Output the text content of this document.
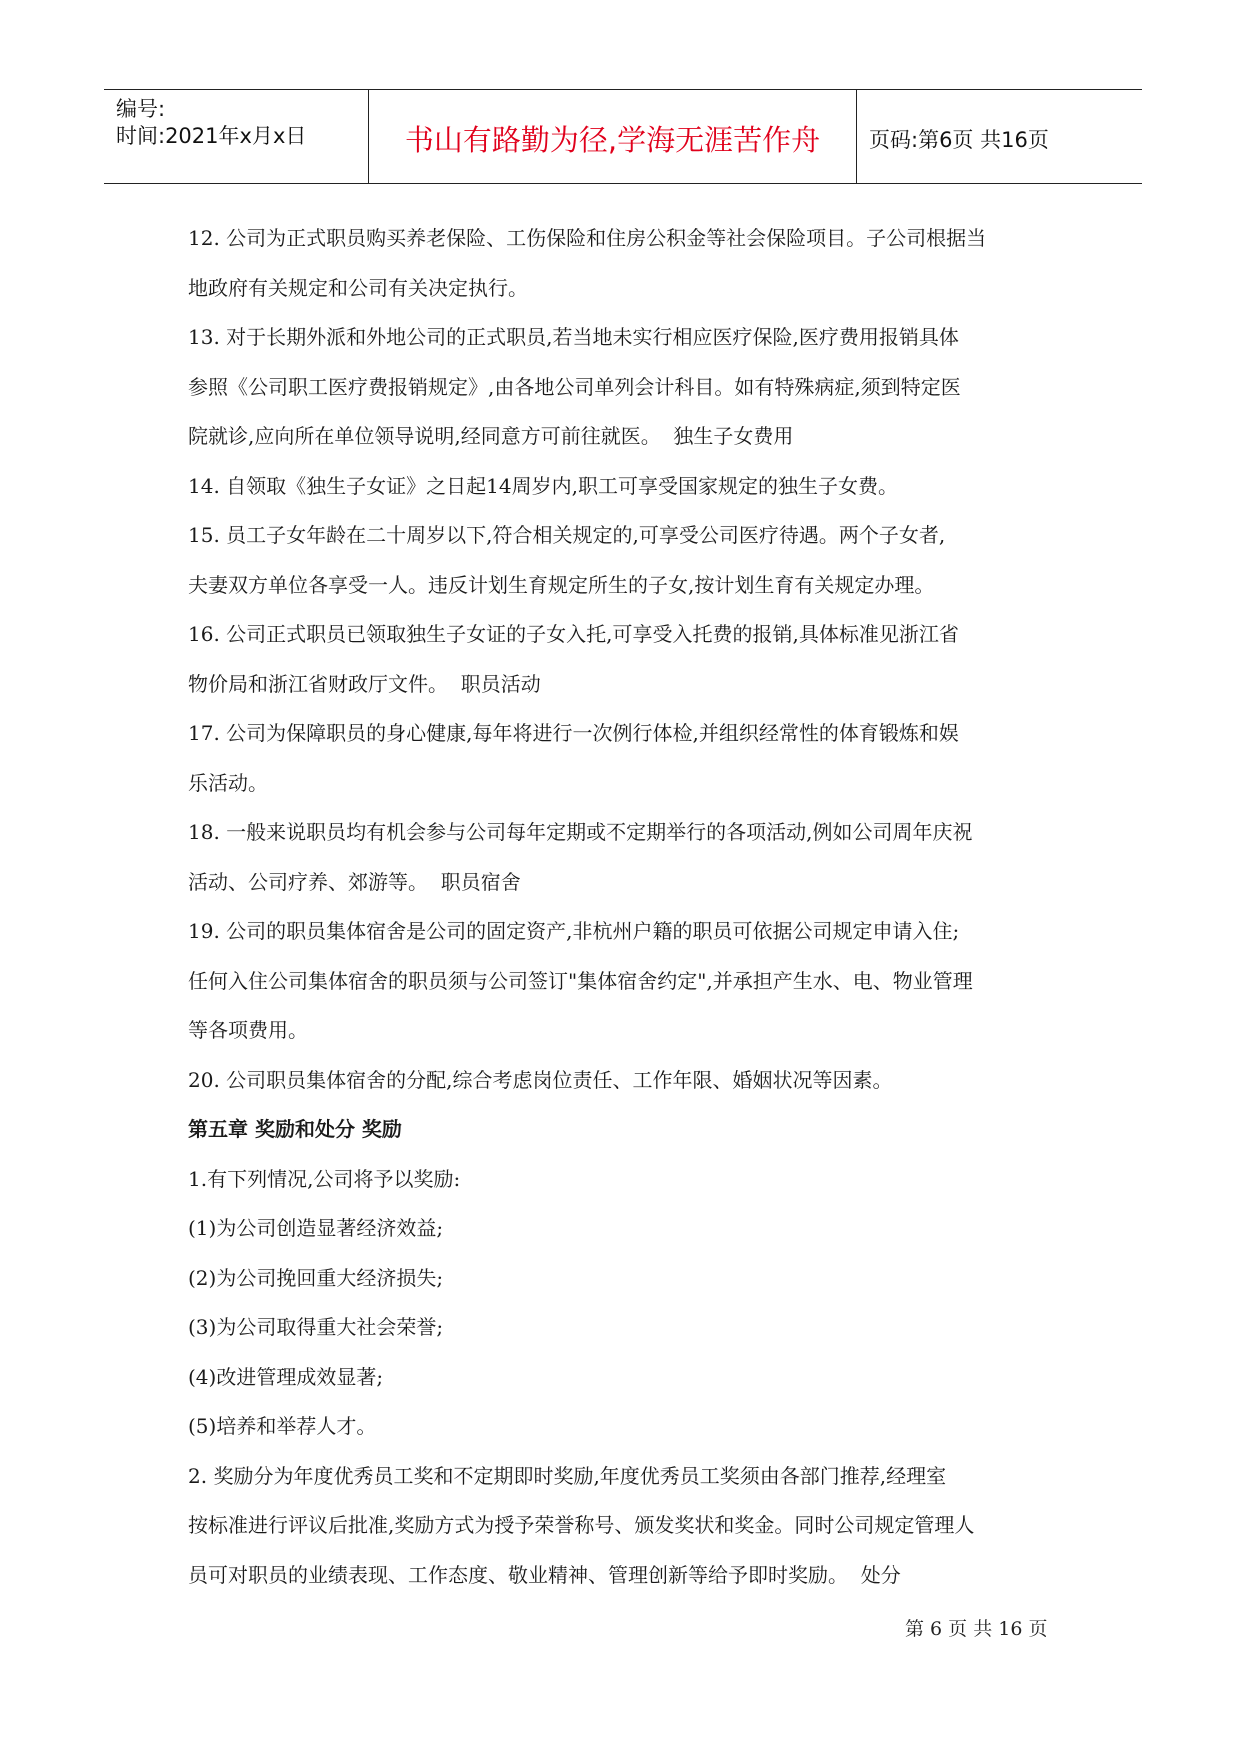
编号:
时间:2021年x月x日	书山有路勤为径,学海无涯苦作舟	页码:第6页 共16页

12. 公司为正式职员购买养老保险、工伤保险和住房公积金等社会保险项目。子公司根据当

地政府有关规定和公司有关决定执行。

13. 对于长期外派和外地公司的正式职员,若当地未实行相应医疗保险,医疗费用报销具体

参照《公司职工医疗费报销规定》,由各地公司单列会计科目。如有特殊病症,须到特定医

院就诊,应向所在单位领导说明,经同意方可前往就医。  独生子女费用

14. 自领取《独生子女证》之日起14周岁内,职工可享受国家规定的独生子女费。

15. 员工子女年龄在二十周岁以下,符合相关规定的,可享受公司医疗待遇。两个子女者,

夫妻双方单位各享受一人。违反计划生育规定所生的子女,按计划生育有关规定办理。

16. 公司正式职员已领取独生子女证的子女入托,可享受入托费的报销,具体标准见浙江省

物价局和浙江省财政厅文件。  职员活动

17. 公司为保障职员的身心健康,每年将进行一次例行体检,并组织经常性的体育锻炼和娱

乐活动。

18. 一般来说职员均有机会参与公司每年定期或不定期举行的各项活动,例如公司周年庆祝

活动、公司疗养、郊游等。  职员宿舍

19. 公司的职员集体宿舍是公司的固定资产,非杭州户籍的职员可依据公司规定申请入住;

任何入住公司集体宿舍的职员须与公司签订"集体宿舍约定",并承担产生水、电、物业管理

等各项费用。

20. 公司职员集体宿舍的分配,综合考虑岗位责任、工作年限、婚姻状况等因素。

第五章 奖励和处分 奖励

1.有下列情况,公司将予以奖励:

(1)为公司创造显著经济效益;

(2)为公司挽回重大经济损失;

(3)为公司取得重大社会荣誉;

(4)改进管理成效显著;

(5)培养和举荐人才。

2. 奖励分为年度优秀员工奖和不定期即时奖励,年度优秀员工奖须由各部门推荐,经理室

按标准进行评议后批准,奖励方式为授予荣誉称号、颁发奖状和奖金。同时公司规定管理人

员可对职员的业绩表现、工作态度、敬业精神、管理创新等给予即时奖励。  处分

第 6 页 共 16 页
